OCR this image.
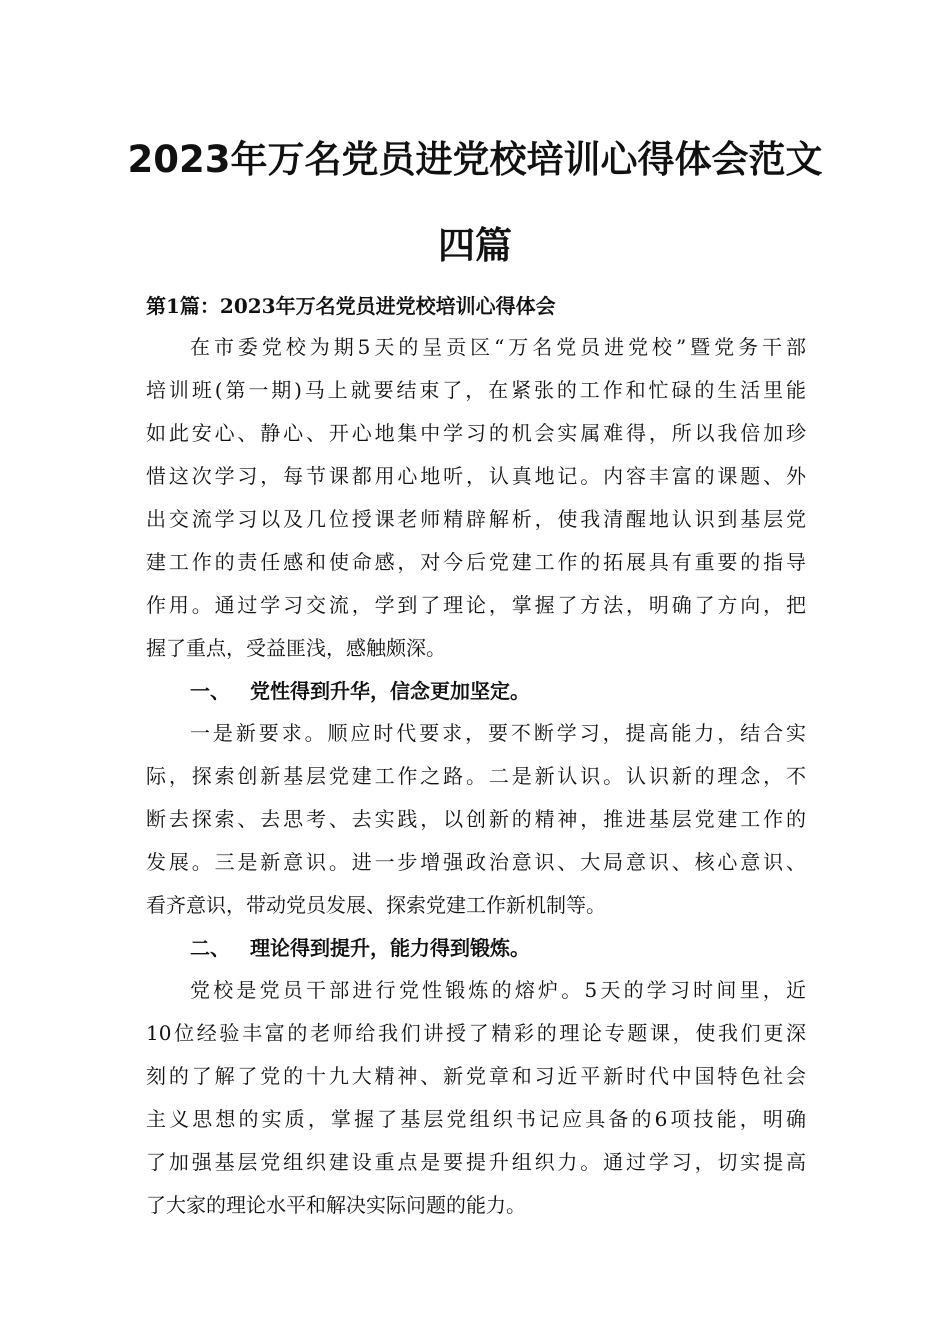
2023年万名党员进党校培训心得体会范文
四篇
第1篇：2023年万名党员进党校培训心得体会
在市委党校为期5天的呈贡区“万名党员进党校”暨党务干部
培训班(第一期)马上就要结束了，在紧张的工作和忙碌的生活里能
如此安心、静心、开心地集中学习的机会实属难得，所以我倍加珍
惜这次学习，每节课都用心地听，认真地记。内容丰富的课题、外
出交流学习以及几位授课老师精辟解析，使我清醒地认识到基层党
建工作的责任感和使命感，对今后党建工作的拓展具有重要的指导
作用。通过学习交流，学到了理论，掌握了方法，明确了方向，把
握了重点，受益匪浅，感触颇深。
一、 党性得到升华，信念更加坚定。
一是新要求。顺应时代要求，要不断学习，提高能力，结合实
际，探索创新基层党建工作之路。二是新认识。认识新的理念，不
断去探索、去思考、去实践，以创新的精神，推进基层党建工作的
发展。三是新意识。进一步增强政治意识、大局意识、核心意识、
看齐意识，带动党员发展、探索党建工作新机制等。
二、 理论得到提升，能力得到锻炼。
党校是党员干部进行党性锻炼的熔炉。5天的学习时间里，近
10位经验丰富的老师给我们讲授了精彩的理论专题课，使我们更深
刻的了解了党的十九大精神、新党章和习近平新时代中国特色社会
主义思想的实质，掌握了基层党组织书记应具备的6项技能，明确
了加强基层党组织建设重点是要提升组织力。通过学习，切实提高
了大家的理论水平和解决实际问题的能力。
